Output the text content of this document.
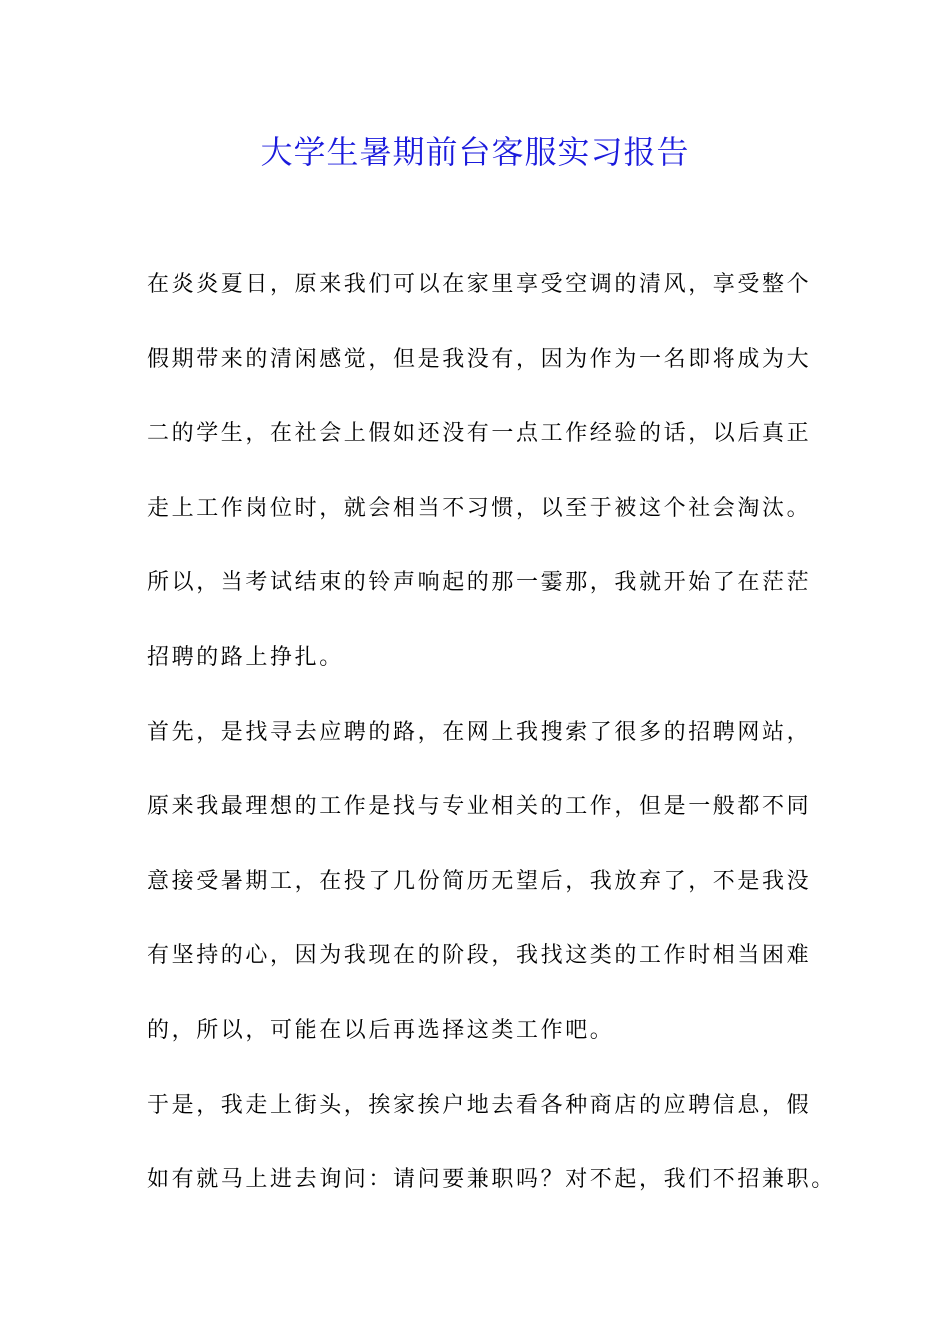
大学生暑期前台客服实习报告
在炎炎夏日，原来我们可以在家里享受空调的清风，享受整个
假期带来的清闲感觉，但是我没有，因为作为一名即将成为大
二的学生，在社会上假如还没有一点工作经验的话，以后真正
走上工作岗位时，就会相当不习惯，以至于被这个社会淘汰。
所以，当考试结束的铃声响起的那一霎那，我就开始了在茫茫
招聘的路上挣扎。
首先，是找寻去应聘的路，在网上我搜索了很多的招聘网站，
原来我最理想的工作是找与专业相关的工作，但是一般都不同
意接受暑期工，在投了几份简历无望后，我放弃了，不是我没
有坚持的心，因为我现在的阶段，我找这类的工作时相当困难
的，所以，可能在以后再选择这类工作吧。
于是，我走上街头，挨家挨户地去看各种商店的应聘信息，假
如有就马上进去询问：请问要兼职吗？对不起，我们不招兼职。
